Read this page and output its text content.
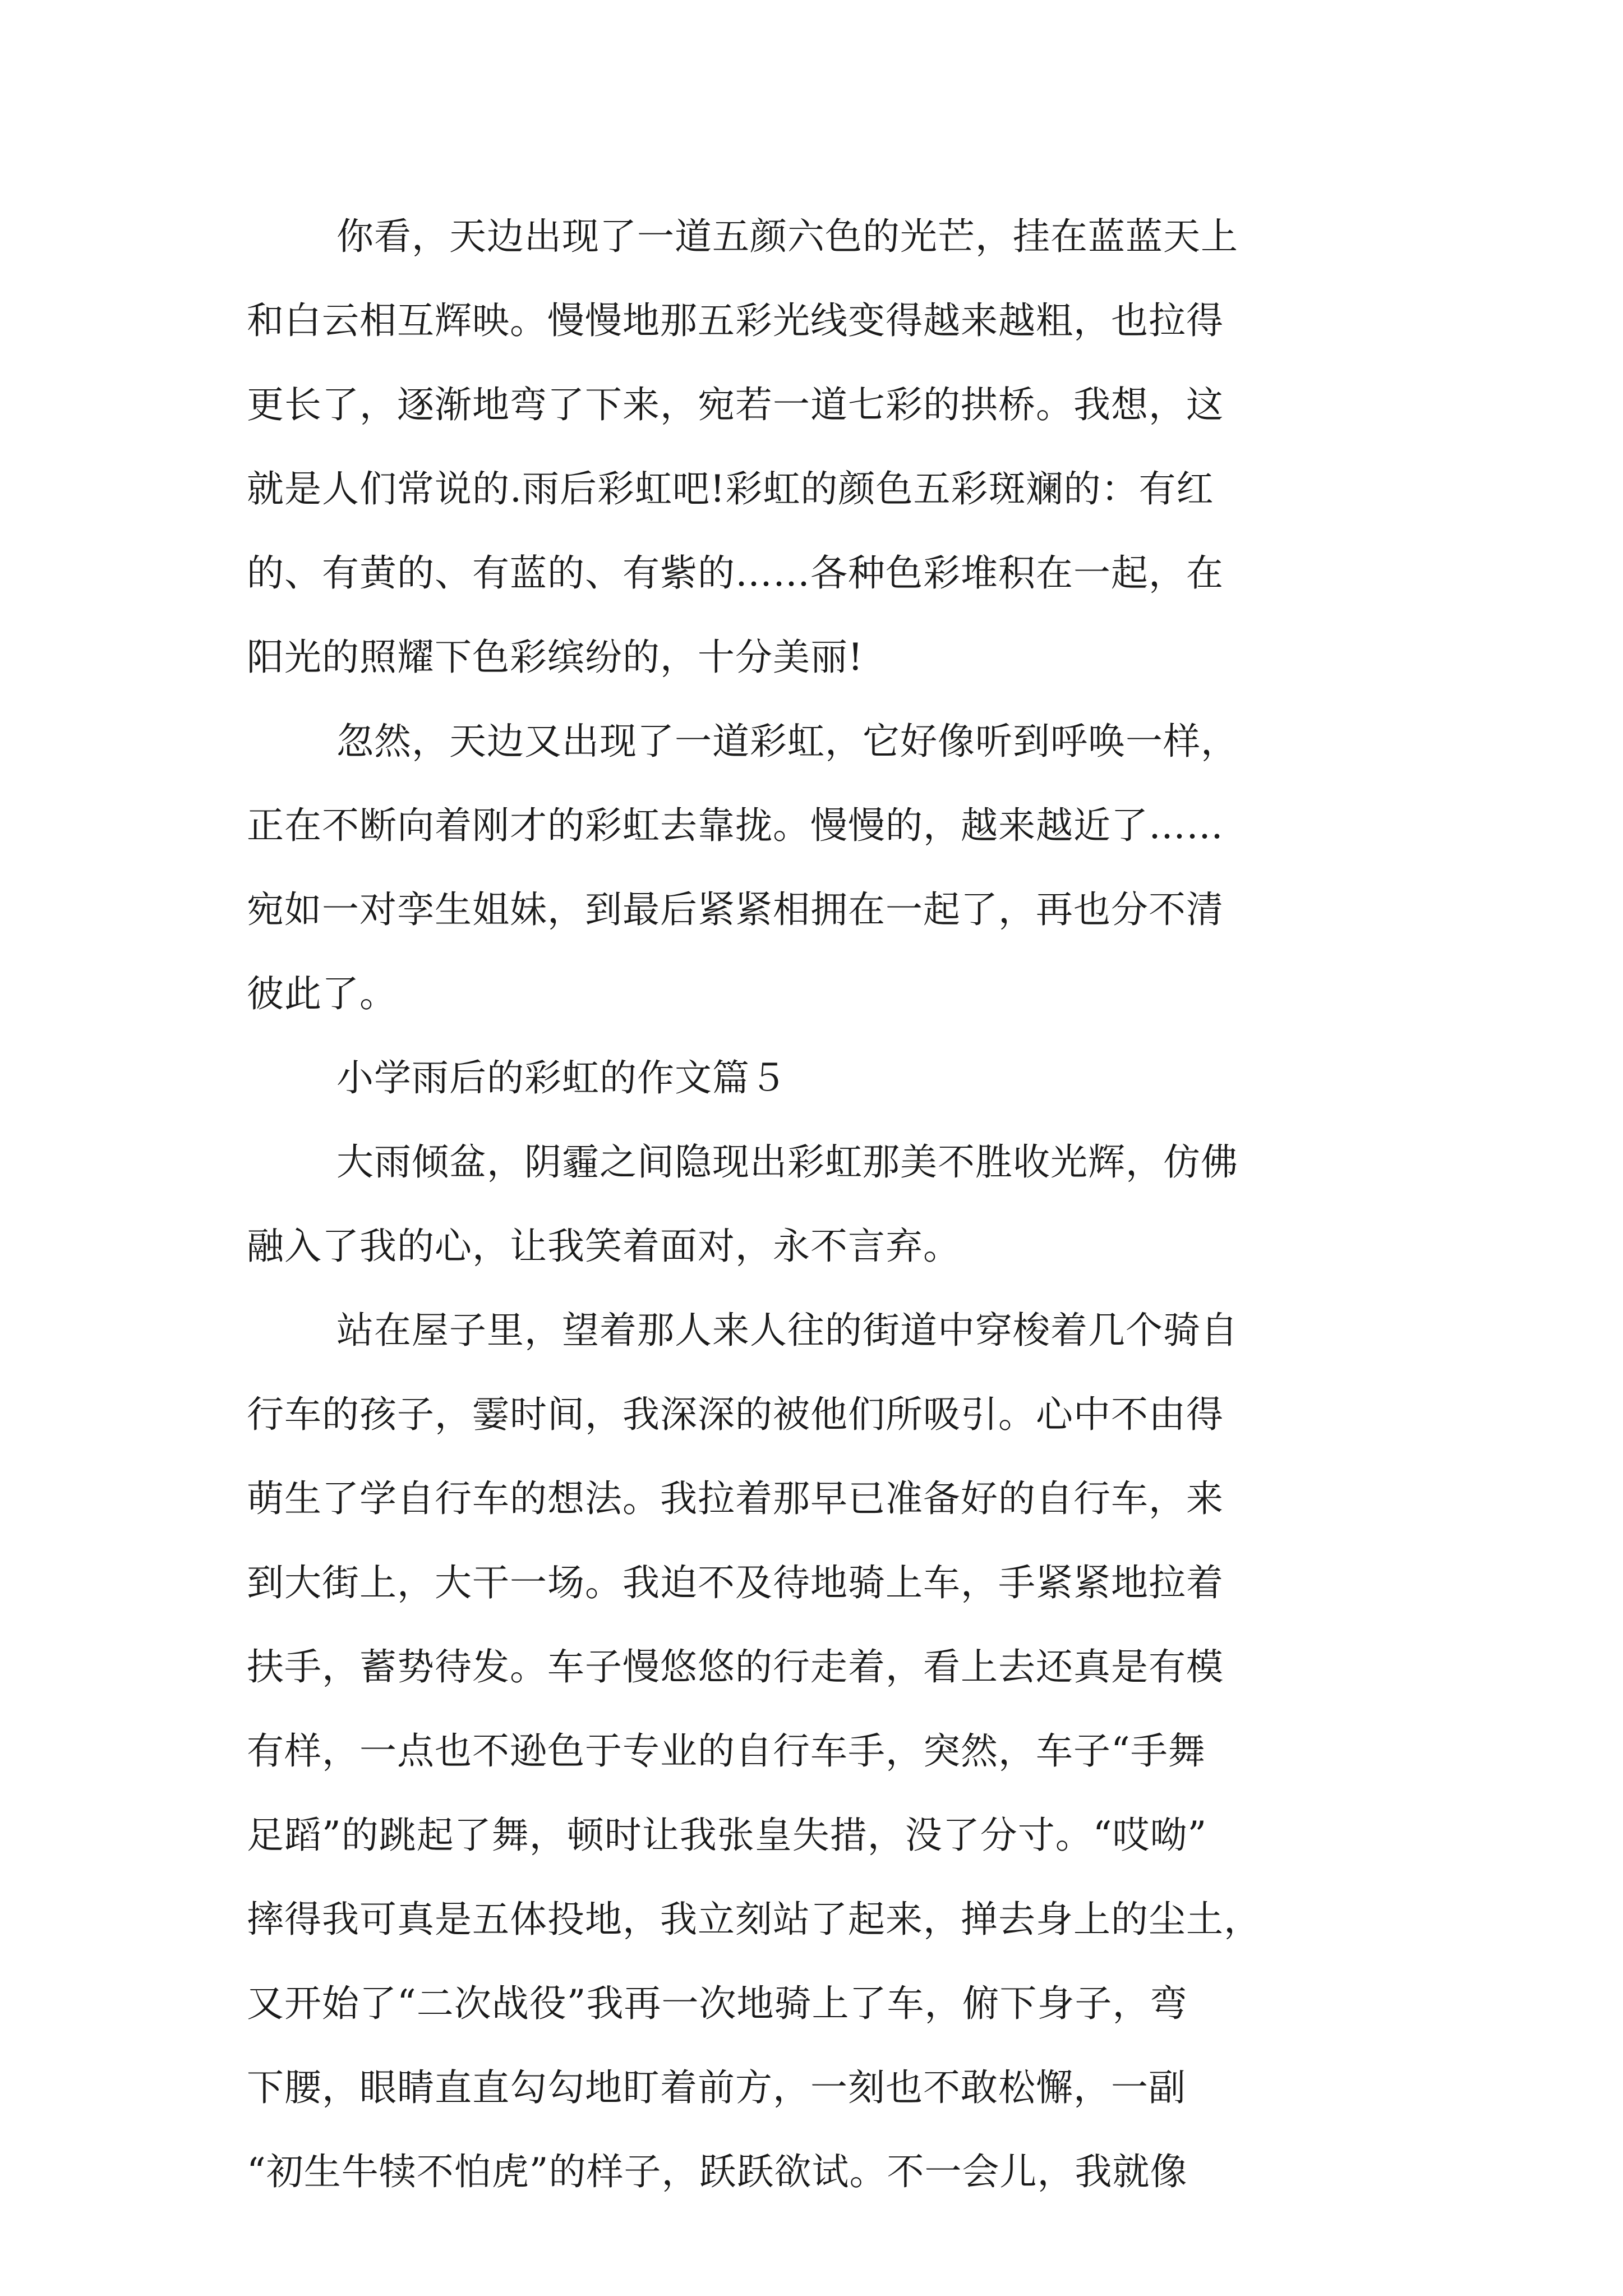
你看，天边出现了一道五颜六色的光芒，挂在蓝蓝天上
和白云相互辉映。慢慢地那五彩光线变得越来越粗，也拉得
更长了，逐渐地弯了下来，宛若一道七彩的拱桥。我想，这
就是人们常说的.雨后彩虹吧!彩虹的颜色五彩斑斓的：有红
的、有黄的、有蓝的、有紫的……各种色彩堆积在一起，在
阳光的照耀下色彩缤纷的，十分美丽!
忽然，天边又出现了一道彩虹，它好像听到呼唤一样，
正在不断向着刚才的彩虹去靠拢。慢慢的，越来越近了……
宛如一对孪生姐妹，到最后紧紧相拥在一起了，再也分不清
彼此了。
小学雨后的彩虹的作文篇５
大雨倾盆，阴霾之间隐现出彩虹那美不胜收光辉，仿佛
融入了我的心，让我笑着面对，永不言弃。
站在屋子里，望着那人来人往的街道中穿梭着几个骑自
行车的孩子，霎时间，我深深的被他们所吸引。心中不由得
萌生了学自行车的想法。我拉着那早已准备好的自行车，来
到大街上，大干一场。我迫不及待地骑上车，手紧紧地拉着
扶手，蓄势待发。车子慢悠悠的行走着，看上去还真是有模
有样，一点也不逊色于专业的自行车手，突然，车子“手舞
足蹈”的跳起了舞，顿时让我张皇失措，没了分寸。“哎呦”
摔得我可真是五体投地，我立刻站了起来，掸去身上的尘土，
又开始了“二次战役”我再一次地骑上了车，俯下身子，弯
下腰，眼睛直直勾勾地盯着前方，一刻也不敢松懈，一副
“初生牛犊不怕虎”的样子，跃跃欲试。不一会儿，我就像
